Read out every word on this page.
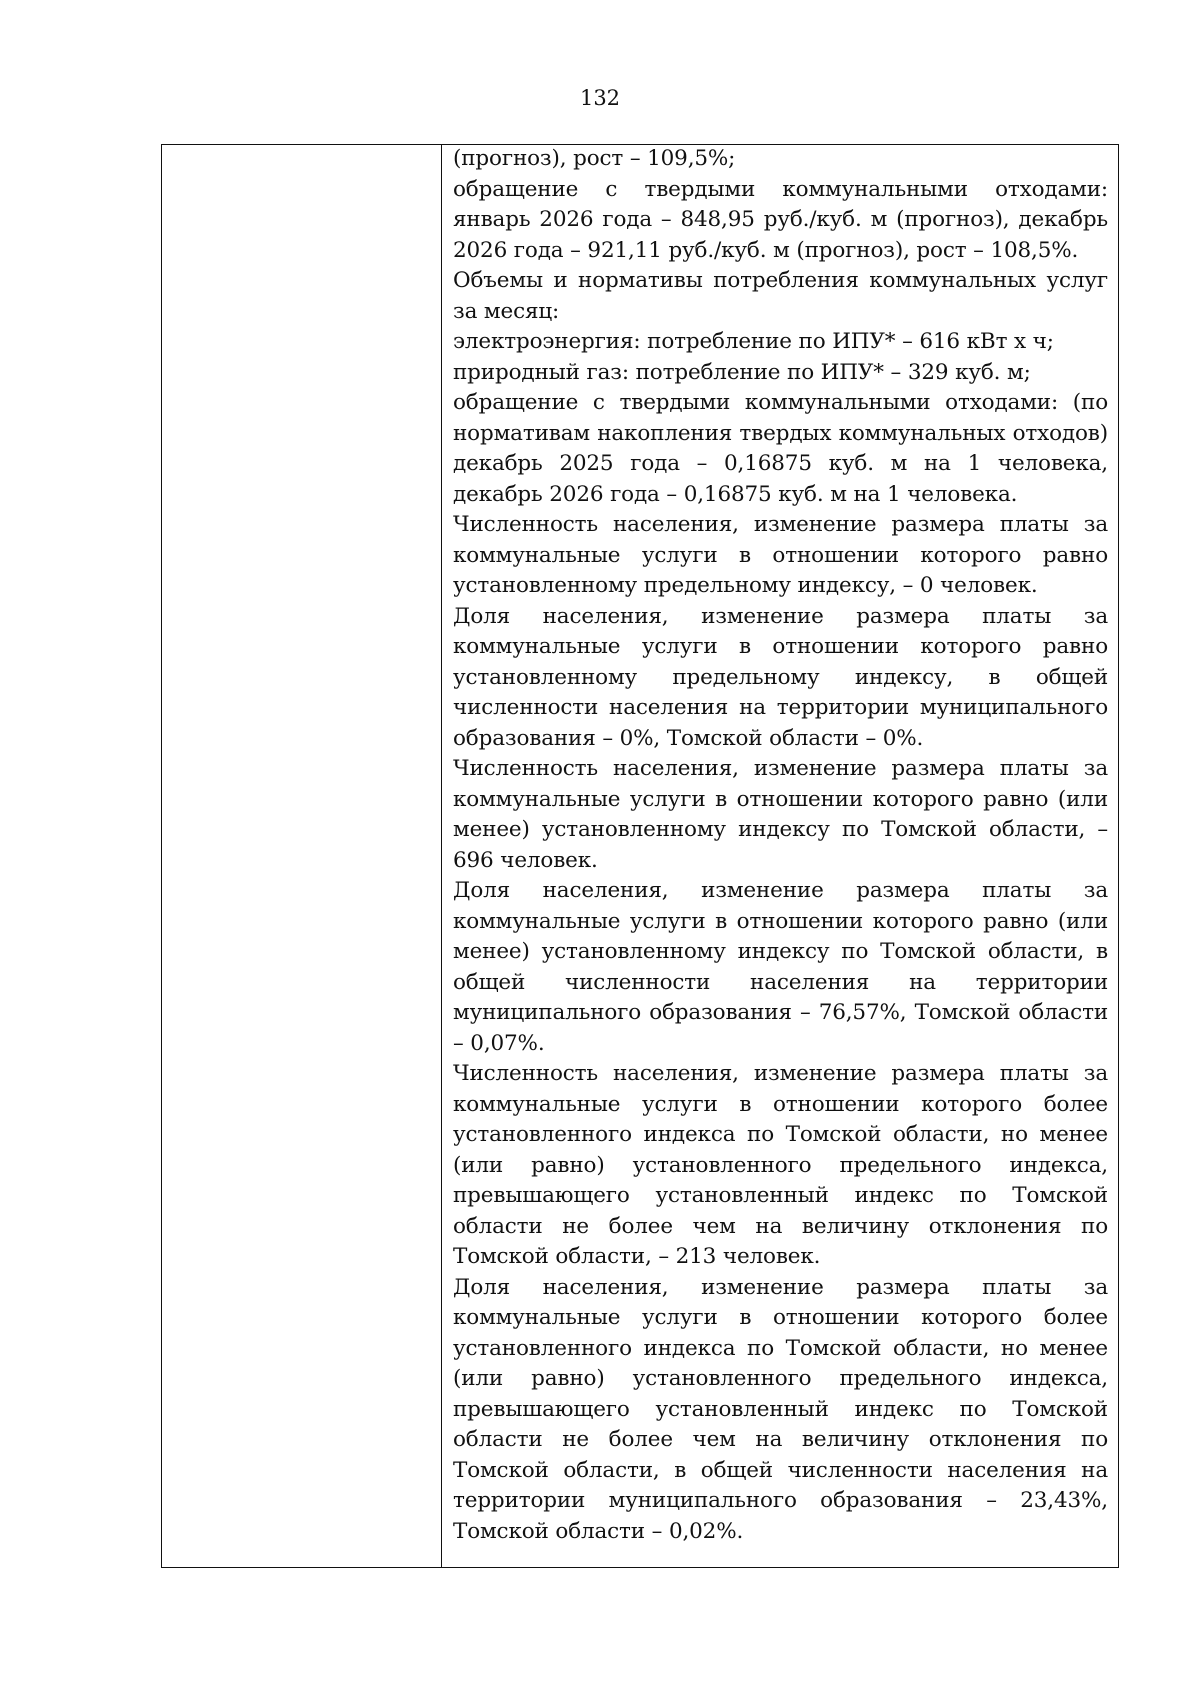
132

(прогноз), рост – 109,5%;

обращение с твердыми коммунальными отходами: январь 2026 года – 848,95 руб./куб. м (прогноз), декабрь 2026 года – 921,11 руб./куб. м (прогноз), рост – 108,5%.

Объемы и нормативы потребления коммунальных услуг за месяц:

электроэнергия: потребление по ИПУ* – 616 кВт х ч;

природный газ: потребление по ИПУ* – 329 куб. м;

обращение с твердыми коммунальными отходами: (по нормативам накопления твердых коммунальных отходов) декабрь 2025 года – 0,16875 куб. м на 1 человека, декабрь 2026 года – 0,16875 куб. м на 1 человека.

Численность населения, изменение размера платы за коммунальные услуги в отношении которого равно установленному предельному индексу, – 0 человек.

Доля населения, изменение размера платы за коммунальные услуги в отношении которого равно установленному предельному индексу, в общей численности населения на территории муниципального образования – 0%, Томской области – 0%.

Численность населения, изменение размера платы за коммунальные услуги в отношении которого равно (или менее) установленному индексу по Томской области, – 696 человек.

Доля населения, изменение размера платы за коммунальные услуги в отношении которого равно (или менее) установленному индексу по Томской области, в общей численности населения на территории муниципального образования – 76,57%, Томской области – 0,07%.

Численность населения, изменение размера платы за коммунальные услуги в отношении которого более установленного индекса по Томской области, но менее (или равно) установленного предельного индекса, превышающего установленный индекс по Томской области не более чем на величину отклонения по Томской области, – 213 человек.

Доля населения, изменение размера платы за коммунальные услуги в отношении которого более установленного индекса по Томской области, но менее (или равно) установленного предельного индекса, превышающего установленный индекс по Томской области не более чем на величину отклонения по Томской области, в общей численности населения на территории муниципального образования – 23,43%, Томской области – 0,02%.
